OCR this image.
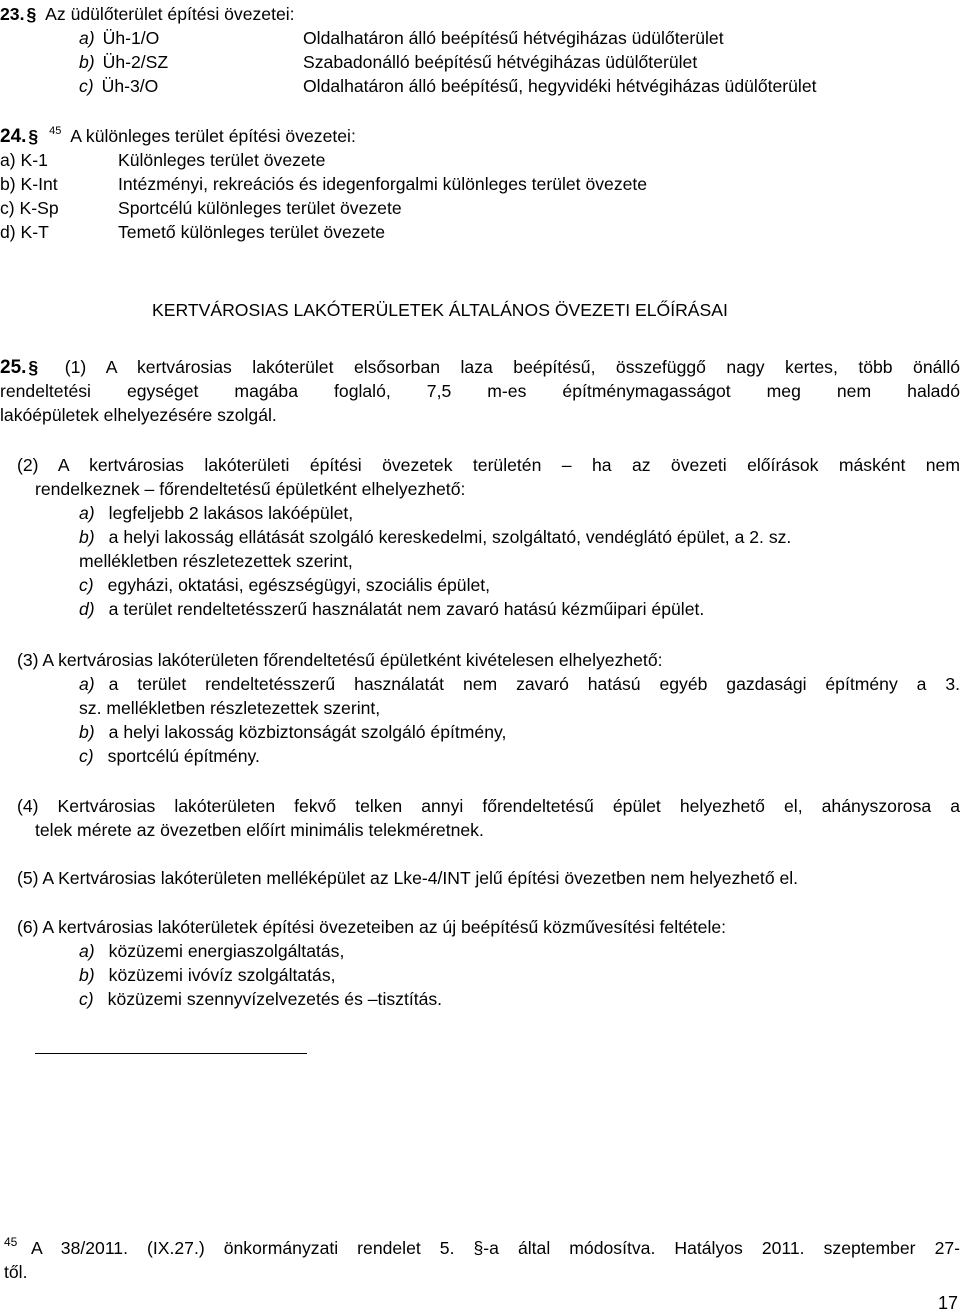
23. § Az üdülőterület építési övezetei:
a) Üh-1/O	Oldalhatáron álló beépítésű hétvégiházas üdülőterület
b) Üh-2/SZ	Szabadonálló beépítésű hétvégiházas üdülőterület
c) Üh-3/O	Oldalhatáron álló beépítésű, hegyvidéki hétvégiházas üdülőterület
24. § $^{45}$ A különleges terület építési övezetei:
a) K-1	Különleges terület övezete
b) K-Int	Intézményi, rekreációs és idegenforgalmi különleges terület övezete
c) K-Sp	Sportcélú különleges terület övezete
d) K-T	Temető különleges terület övezete
KERTVÁROSIAS LAKÓTERÜLETEK ÁLTALÁNOS ÖVEZETI ELŐÍRÁSAI
25. § (1) A kertvárosias lakóterület elsősorban laza beépítésű, összefüggő nagy kertes, több önálló
rendeltetési egységet magába foglaló, 7,5 m-es építménymagasságot meg nem haladó
lakóépületek elhelyezésére szolgál.
(2) A kertvárosias lakóterületi építési övezetek területén – ha az övezeti előírások másként nem
rendelkeznek – főrendeltetésű épületként elhelyezhető:
a) legfeljebb 2 lakásos lakóépület,
b) a helyi lakosság ellátását szolgáló kereskedelmi, szolgáltató, vendéglátó épület, a 2. sz.
mellékletben részletezettek szerint,
c) egyházi, oktatási, egészségügyi, szociális épület,
d) a terület rendeltetésszerű használatát nem zavaró hatású kézműipari épület.
(3) A kertvárosias lakóterületen főrendeltetésű épületként kivételesen elhelyezhető:
a) a terület rendeltetésszerű használatát nem zavaró hatású egyéb gazdasági építmény a 3.
sz. mellékletben részletezettek szerint,
b) a helyi lakosság közbiztonságát szolgáló építmény,
c) sportcélú építmény.
(4) Kertvárosias lakóterületen fekvő telken annyi főrendeltetésű épület helyezhető el, ahányszorosa a
telek mérete az övezetben előírt minimális telekméretnek.
(5) A Kertvárosias lakóterületen melléképület az Lke-4/INT jelű építési övezetben nem helyezhető el.
(6) A kertvárosias lakóterületek építési övezeteiben az új beépítésű közművesítési feltétele:
a) közüzemi energiaszolgáltatás,
b) közüzemi ivóvíz szolgáltatás,
c) közüzemi szennyvízelvezetés és –tisztítás.
45 A 38/2011. (IX.27.) önkormányzati rendelet 5. §-a által módosítva. Hatályos 2011. szeptember 27-
től.
17
